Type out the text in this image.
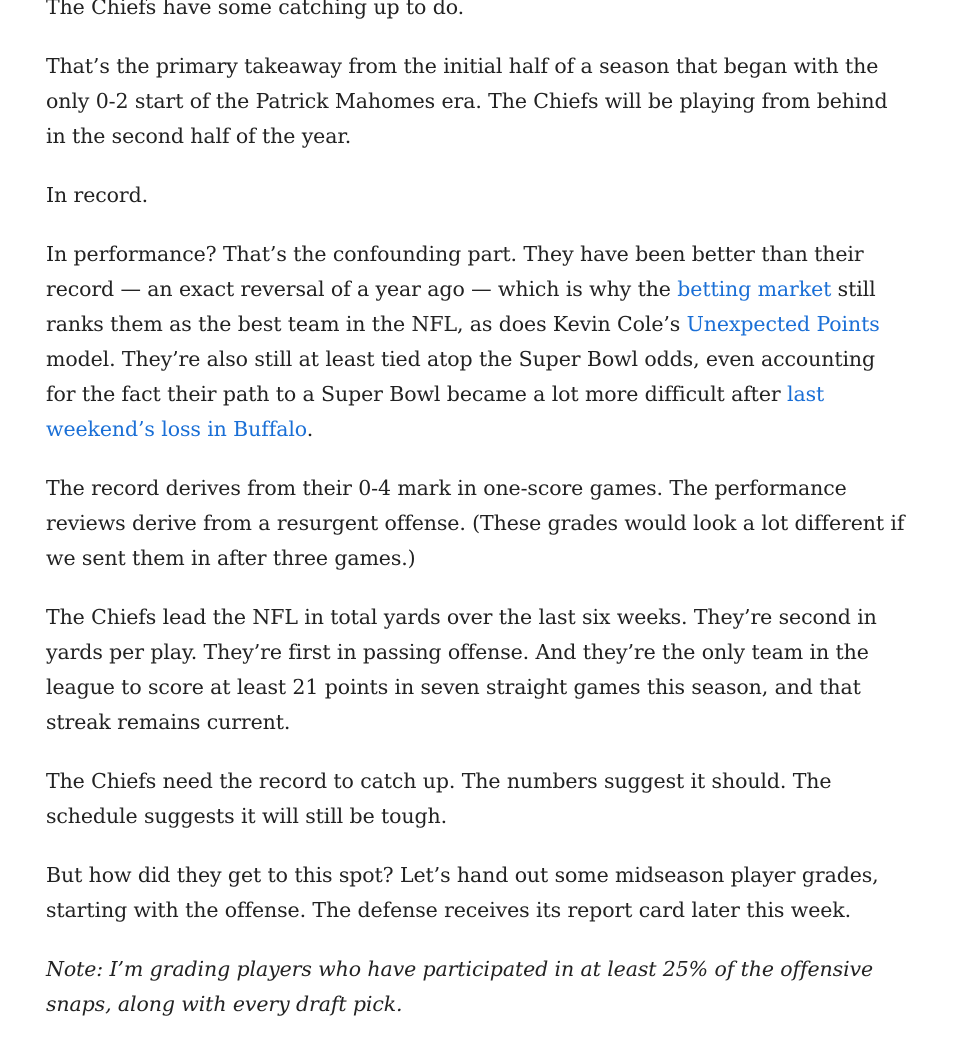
The Chiefs have some catching up to do.

That’s the primary takeaway from the initial half of a season that began with the only 0-2 start of the Patrick Mahomes era. The Chiefs will be playing from behind in the second half of the year.

In record.

In performance? That’s the confounding part. They have been better than their record — an exact reversal of a year ago — which is why the betting market still ranks them as the best team in the NFL, as does Kevin Cole’s Unexpected Points model. They’re also still at least tied atop the Super Bowl odds, even accounting for the fact their path to a Super Bowl became a lot more difficult after last weekend’s loss in Buffalo.

The record derives from their 0-4 mark in one-score games. The performance reviews derive from a resurgent offense. (These grades would look a lot different if we sent them in after three games.)

The Chiefs lead the NFL in total yards over the last six weeks. They’re second in yards per play. They’re first in passing offense. And they’re the only team in the league to score at least 21 points in seven straight games this season, and that streak remains current.

The Chiefs need the record to catch up. The numbers suggest it should. The schedule suggests it will still be tough.

But how did they get to this spot? Let’s hand out some midseason player grades, starting with the offense. The defense receives its report card later this week.

Note: I’m grading players who have participated in at least 25% of the offensive snaps, along with every draft pick.
